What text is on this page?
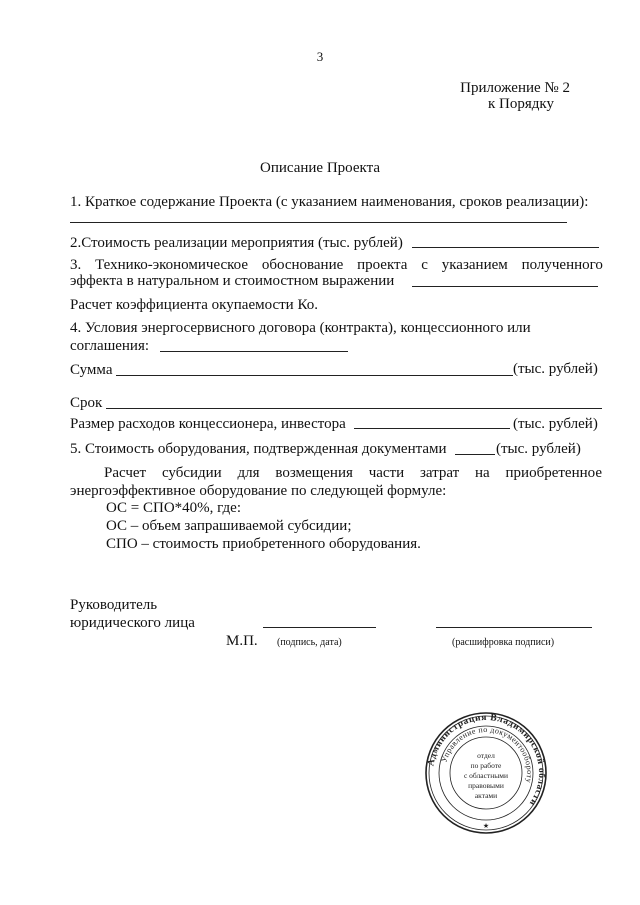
3
Приложение № 2
к Порядку
Описание Проекта
1. Краткое содержание Проекта (с указанием наименования, сроков реализации):
2.Стоимость реализации мероприятия (тыс. рублей)
3. Технико-экономическое обоснование проекта с указанием полученного
эффекта в натуральном и стоимостном выражении
Расчет коэффициента окупаемости Ко.
4. Условия энергосервисного договора (контракта), концессионного или
соглашения:
Сумма	(тыс. рублей)
Срок
Размер расходов концессионера, инвестора	(тыс. рублей)
5. Стоимость оборудования, подтвержденная документами	(тыс. рублей)
Расчет субсидии для возмещения части затрат на приобретенное
энергоэффективное оборудование по следующей формуле:
ОС = СПО*40%, где:
ОС – объем запрашиваемой субсидии;
СПО – стоимость приобретенного оборудования.
Руководитель
юридического лица
М.П. (подпись, дата)	(расшифровка подписи)
Администрация Владимирской области
Управление по документообороту
отдел
по работе
с областными
правовыми
актами
★
